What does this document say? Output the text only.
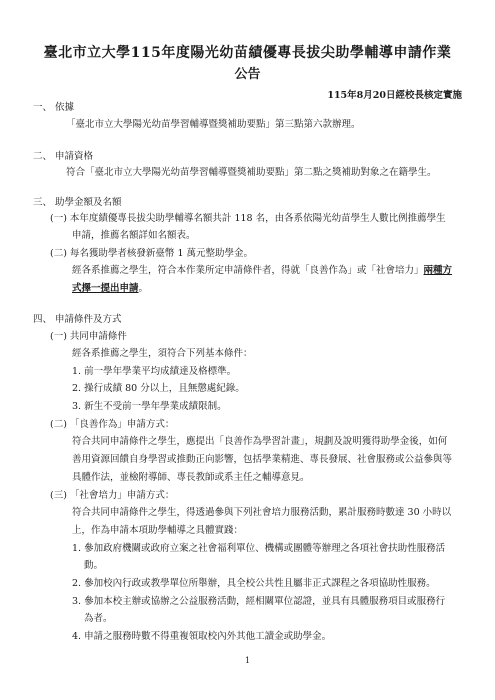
臺北市立大學115年度陽光幼苗績優專長拔尖助學輔導申請作業
公告
115年8月20日經校長核定實施
一、 依據
「臺北市立大學陽光幼苗學習輔導暨獎補助要點」第三點第六款辦理。
二、 申請資格
符合「臺北市立大學陽光幼苗學習輔導暨獎補助要點」第二點之獎補助對象之在籍學生。
三、 助學金額及名額
(一) 本年度績優專長拔尖助學輔導名額共計 118 名，由各系依陽光幼苗學生人數比例推薦學生
申請，推薦名額詳如名額表。
(二) 每名獲助學者核發新臺幣 1 萬元整助學金。
經各系推薦之學生，符合本作業所定申請條件者，得就「良善作為」或「社會培力」兩種方
式擇一提出申請。
四、 申請條件及方式
(一) 共同申請條件
經各系推薦之學生，須符合下列基本條件：
1. 前一學年學業平均成績達及格標準。
2. 操行成績 80 分以上，且無懲處紀錄。
3. 新生不受前一學年學業成績限制。
(二) 「良善作為」申請方式：
符合共同申請條件之學生，應提出「良善作為學習計畫」，規劃及說明獲得助學金後，如何
善用資源回饋自身學習或推動正向影響，包括學業精進、專長發展、社會服務或公益參與等
具體作法，並檢附導師、專長教師或系主任之輔導意見。
(三) 「社會培力」申請方式：
符合共同申請條件之學生，得透過參與下列社會培力服務活動，累計服務時數達 30 小時以
上，作為申請本項助學輔導之具體實踐：
1. 參加政府機關或政府立案之社會福利單位、機構或團體等辦理之各項社會扶助性服務活
動。
2. 參加校內行政或教學單位所舉辦，具全校公共性且屬非正式課程之各項協助性服務。
3. 參加本校主辦或協辦之公益服務活動，經相關單位認證，並具有具體服務項目或服務行
為者。
4. 申請之服務時數不得重複領取校內外其他工讀金或助學金。
1
